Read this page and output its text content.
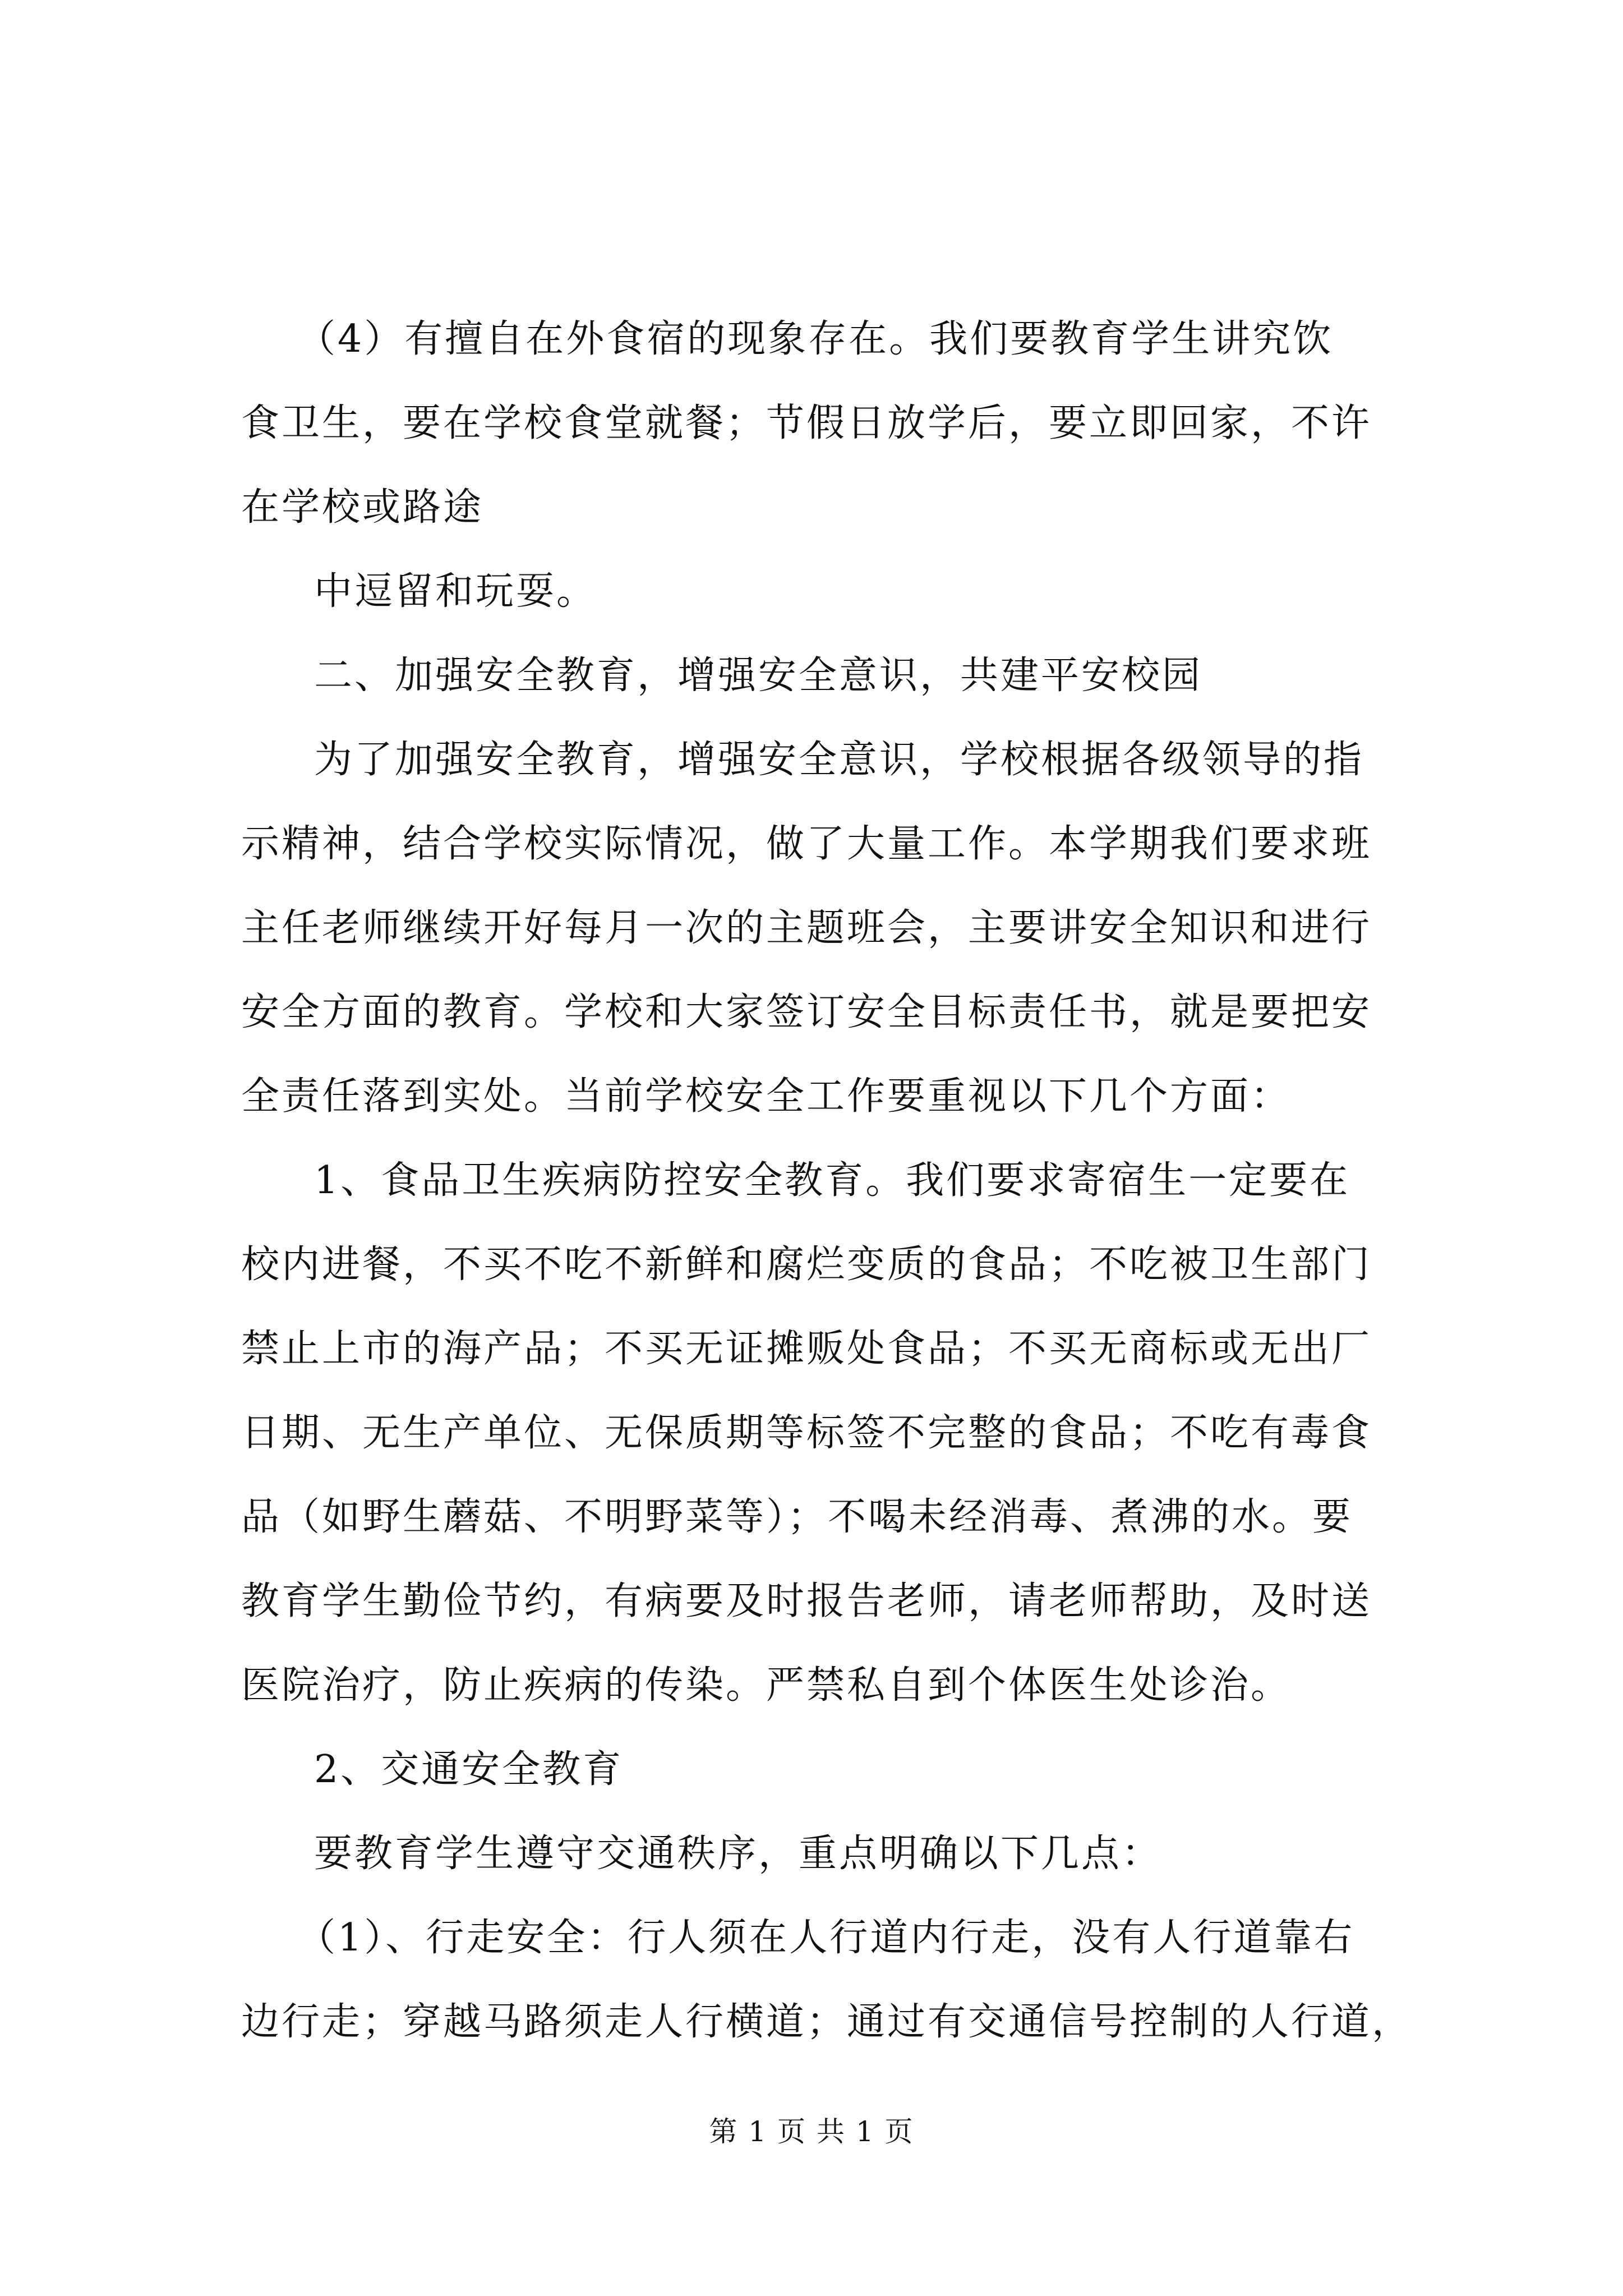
（4）有擅自在外食宿的现象存在。我们要教育学生讲究饮
食卫生，要在学校食堂就餐；节假日放学后，要立即回家，不许
在学校或路途
中逗留和玩耍。
二、加强安全教育，增强安全意识，共建平安校园
为了加强安全教育，增强安全意识，学校根据各级领导的指
示精神，结合学校实际情况，做了大量工作。本学期我们要求班
主任老师继续开好每月一次的主题班会，主要讲安全知识和进行
安全方面的教育。学校和大家签订安全目标责任书，就是要把安
全责任落到实处。当前学校安全工作要重视以下几个方面：
1、食品卫生疾病防控安全教育。我们要求寄宿生一定要在
校内进餐，不买不吃不新鲜和腐烂变质的食品；不吃被卫生部门
禁止上市的海产品；不买无证摊贩处食品；不买无商标或无出厂
日期、无生产单位、无保质期等标签不完整的食品；不吃有毒食
品（如野生蘑菇、不明野菜等）；不喝未经消毒、煮沸的水。要
教育学生勤俭节约，有病要及时报告老师，请老师帮助，及时送
医院治疗，防止疾病的传染。严禁私自到个体医生处诊治。
2、交通安全教育
要教育学生遵守交通秩序，重点明确以下几点：
（1）、行走安全：行人须在人行道内行走，没有人行道靠右
边行走；穿越马路须走人行横道；通过有交通信号控制的人行道，
第 1 页 共 1 页
